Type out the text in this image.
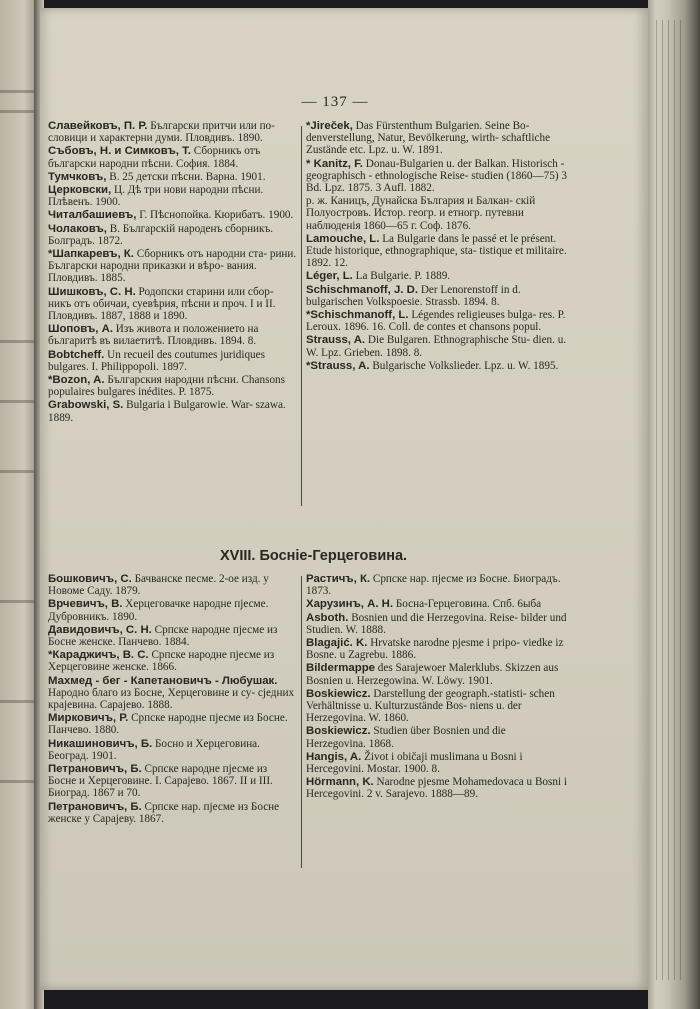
— 137 —
Славейковъ, П. Р. Български притчи или по- словици и характерни думи. Пловдивъ. 1890.
Събовъ, Н. и Симковъ, Т. Сборникъ отъ български народни пѣсни. София. 1884.
Тумчковъ, В. 25 детски пѣсни. Варна. 1901.
Церковски, Ц. Дѣ три нови народни пѣсни. Плѣвенъ. 1900.
Читалбашиевъ, Г. Пѣснопойка. Кюрибатъ. 1900.
Чолаковъ, В. Българскій народенъ сборникъ. Болградъ. 1872.
*Шапкаревъ, К. Сборникъ отъ народни ста- рини. Български народни приказки и вѣро- вания. Пловдивъ. 1885.
Шишковъ, С. Н. Родопски старини или сбор- никъ отъ обичаи, суевѣрия, пѣсни и проч. I и II. Пловдивъ. 1887, 1888 и 1890.
Шоповъ, А. Изъ живота и положението на българитѣ въ вилаетитѣ. Пловдивъ. 1894. 8.
Bobtcheff. Un recueil des coutumes juridiques bulgares. I. Philippopoli. 1897.
*Bozon, A. Българския народни пѣсни. Chansons populaires bulgares inédites. P. 1875.
Grabowski, S. Bulgaria i Bulgarowie. War- szawa. 1889.
*Jireček, Das Fürstenthum Bulgarien. Seine Bo- denverstellung, Natur, Bevölkerung, wirth- schaftliche Zustände etc. Lpz. u. W. 1891.
* Kanitz, F. Donau-Bulgarien u. der Balkan. Historisch - geographisch - ethnologische Reise- studien (1860—75) 3 Bd. Lpz. 1875. 3 Aufl. 1882.
р. ж. Каницъ, Дунайска България и Балкан- скій Полуостровъ. Истор. геогр. и етногр. путевни наблюденія 1860—65 г. Соф. 1876.
Lamouche, L. La Bulgarie dans le passé et le présent. Etude historique, ethnographique, sta- tistique et militaire. 1892. 12.
Léger, L. La Bulgarie. P. 1889.
Schischmanoff, J. D. Der Lenorenstoff in d. bulgarischen Volkspoesie. Strassb. 1894. 8.
*Schischmanoff, L. Légendes religieuses bulga- res. P. Leroux. 1896. 16. Coll. de contes et chansons popul.
Strauss, A. Die Bulgaren. Ethnographische Stu- dien. u. W. Lpz. Grieben. 1898. 8.
*Strauss, A. Bulgarische Volkslieder. Lpz. u. W. 1895.
XVIII. Босніе-Герцеговина.
Бошковичъ, С. Бачванске песме. 2-ое изд. у Новоме Саду. 1879.
Врчевичъ, В. Херцеговачке народне пјесме. Дубровникъ. 1890.
Давидовичъ, С. Н. Српске народне пјесме из Босне женске. Панчево. 1884.
*Караджичъ, В. С. Српске народне пјесме из Херцеговине женске. 1866.
Махмед - бег - Капетановичъ - Любушак. Народно благо из Босне, Херцеговине и су- сједних крајевина. Сарајево. 1888.
Мирковичъ, Р. Српске народне пјесме из Босне. Панчево. 1880.
Никашиновичъ, Б. Босно и Херцеговина. Београд. 1901.
Петрановичъ, Б. Српске народне пјесме из Босне и Херцеговине. I. Сарајево. 1867. II и III. Биоград. 1867 и 70.
Петрановичъ, Б. Српске нар. пјесме из Босне женске у Сарајеву. 1867.
Растичъ, К. Српске нар. пјесме из Босне. Биоградъ. 1873.
Харузинъ, А. Н. Босна-Герцеговина. Спб. 6ыба
Asboth. Bosnien und die Herzegovina. Reise- bilder und Studien. W. 1888.
Blagajić. K. Hrvatske narodne pjesme i pripo- viedke iz Bosne. u Zagrebu. 1886.
Bildermappe des Sarajewoer Malerklubs. Skizzen aus Bosnien u. Herzegowina. W. Löwy. 1901.
Boskiewicz. Darstellung der geograph.-statisti- schen Verhältnisse u. Kulturzustände Bos- niens u. der Herzegovina. W. 1860.
Boskiewicz. Studien über Bosnien und die Herzegovina. 1868.
Hangis, A. Život i običaji muslimana u Bosni i Hercegovini. Mostar. 1900. 8.
Hörmann, K. Narodne pjesme Mohamedovaca u Bosni i Hercegovini. 2 v. Sarajevo. 1888—89.
